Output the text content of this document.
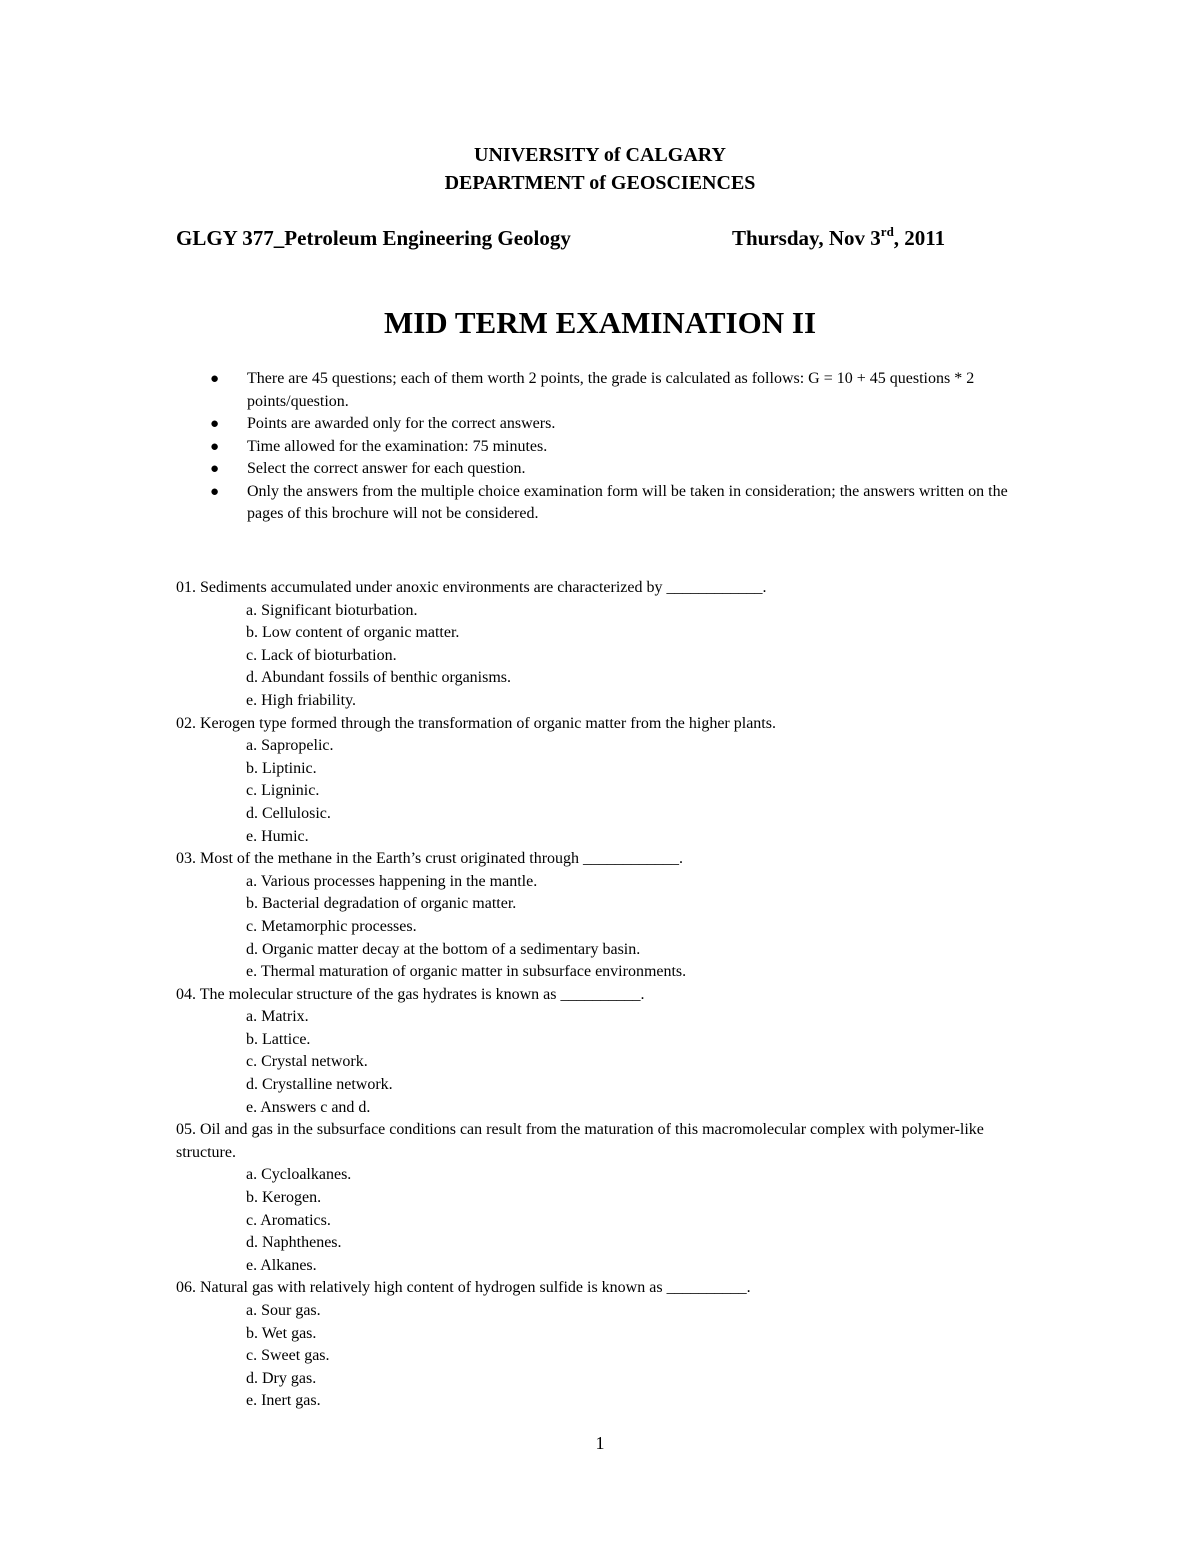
UNIVERSITY of CALGARY
DEPARTMENT of GEOSCIENCES
GLGY 377_Petroleum Engineering Geology	Thursday, Nov 3rd, 2011
MID TERM EXAMINATION II
● There are 45 questions; each of them worth 2 points, the grade is calculated as follows: G = 10 + 45 questions * 2 points/question.
● Points are awarded only for the correct answers.
● Time allowed for the examination: 75 minutes.
● Select the correct answer for each question.
● Only the answers from the multiple choice examination form will be taken in consideration; the answers written on the pages of this brochure will not be considered.
01. Sediments accumulated under anoxic environments are characterized by ____________.
a. Significant bioturbation.
b. Low content of organic matter.
c. Lack of bioturbation.
d. Abundant fossils of benthic organisms.
e. High friability.
02. Kerogen type formed through the transformation of organic matter from the higher plants.
a. Sapropelic.
b. Liptinic.
c. Ligninic.
d. Cellulosic.
e. Humic.
03. Most of the methane in the Earth’s crust originated through ____________.
a. Various processes happening in the mantle.
b. Bacterial degradation of organic matter.
c. Metamorphic processes.
d. Organic matter decay at the bottom of a sedimentary basin.
e. Thermal maturation of organic matter in subsurface environments.
04. The molecular structure of the gas hydrates is known as __________.
a. Matrix.
b. Lattice.
c. Crystal network.
d. Crystalline network.
e. Answers c and d.
05. Oil and gas in the subsurface conditions can result from the maturation of this macromolecular complex with polymer-like structure.
a. Cycloalkanes.
b. Kerogen.
c. Aromatics.
d. Naphthenes.
e. Alkanes.
06. Natural gas with relatively high content of hydrogen sulfide is known as __________.
a. Sour gas.
b. Wet gas.
c. Sweet gas.
d. Dry gas.
e. Inert gas.
1
